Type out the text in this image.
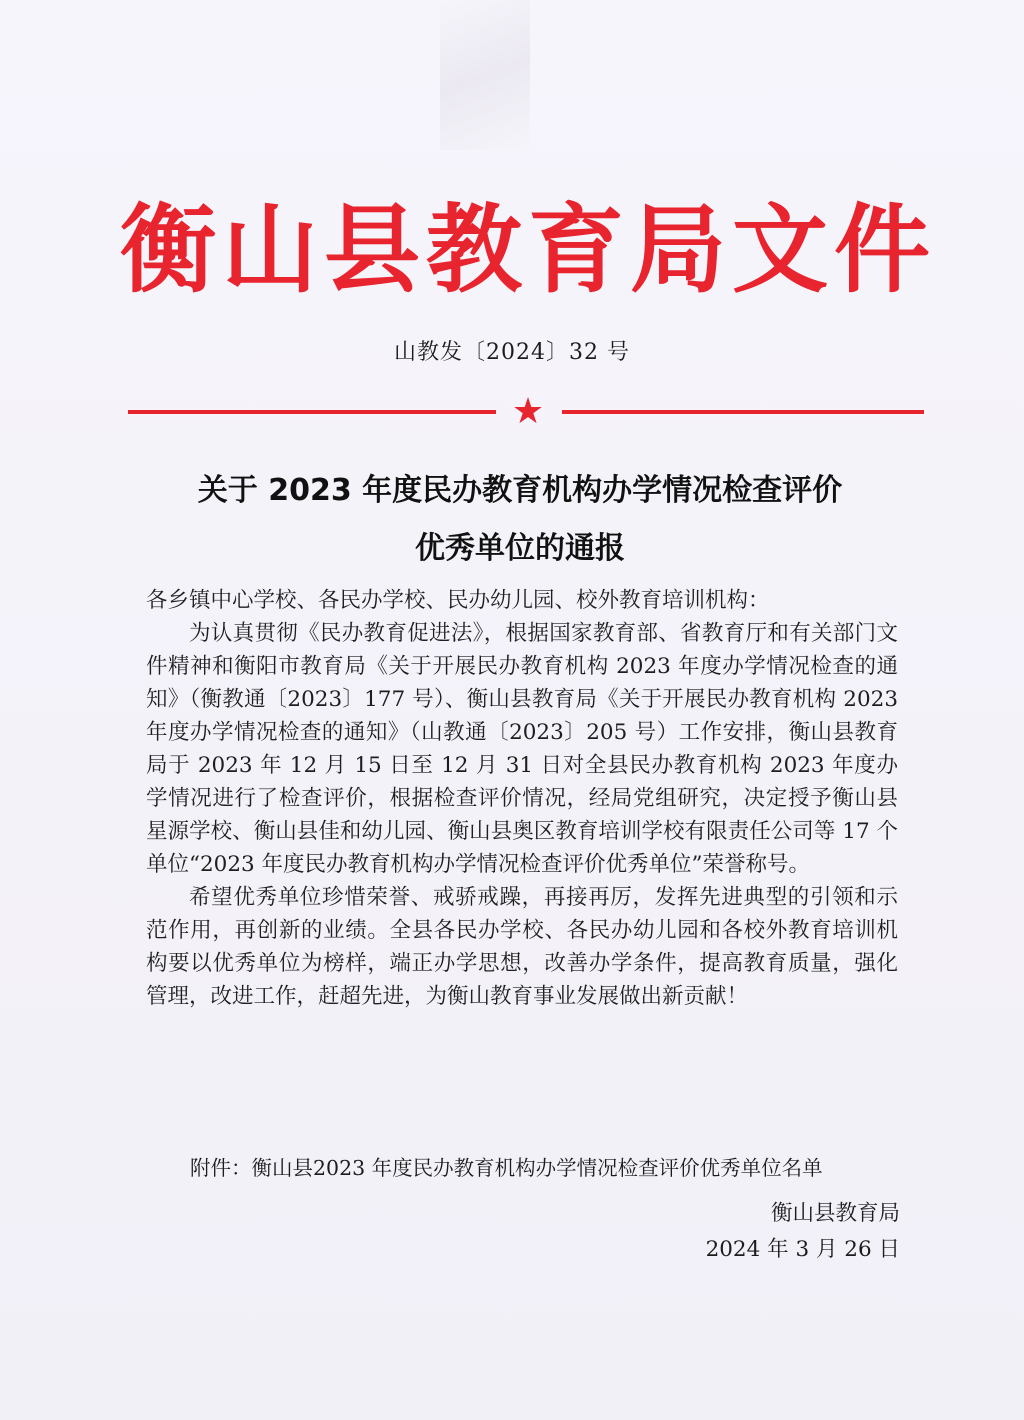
衡山县教育局文件
山教发〔2024〕32 号
★
关于 2023 年度民办教育机构办学情况检查评价
优秀单位的通报

各乡镇中心学校、各民办学校、民办幼儿园、校外教育培训机构：

为认真贯彻《民办教育促进法》，根据国家教育部、省教育厅和有关部门文件精神和衡阳市教育局《关于开展民办教育机构 2023 年度办学情况检查的通知》（衡教通〔2023〕177 号）、衡山县教育局《关于开展民办教育机构 2023 年度办学情况检查的通知》（山教通〔2023〕205 号）工作安排，衡山县教育局于 2023 年 12 月 15 日至 12 月 31 日对全县民办教育机构 2023 年度办学情况进行了检查评价，根据检查评价情况，经局党组研究，决定授予衡山县星源学校、衡山县佳和幼儿园、衡山县奥区教育培训学校有限责任公司等 17 个单位“2023 年度民办教育机构办学情况检查评价优秀单位”荣誉称号。

希望优秀单位珍惜荣誉、戒骄戒躁，再接再厉，发挥先进典型的引领和示范作用，再创新的业绩。全县各民办学校、各民办幼儿园和各校外教育培训机构要以优秀单位为榜样，端正办学思想，改善办学条件，提高教育质量，强化管理，改进工作，赶超先进，为衡山教育事业发展做出新贡献！

附件：衡山县2023 年度民办教育机构办学情况检查评价优秀单位名单
衡山县教育局
2024 年 3 月 26 日
